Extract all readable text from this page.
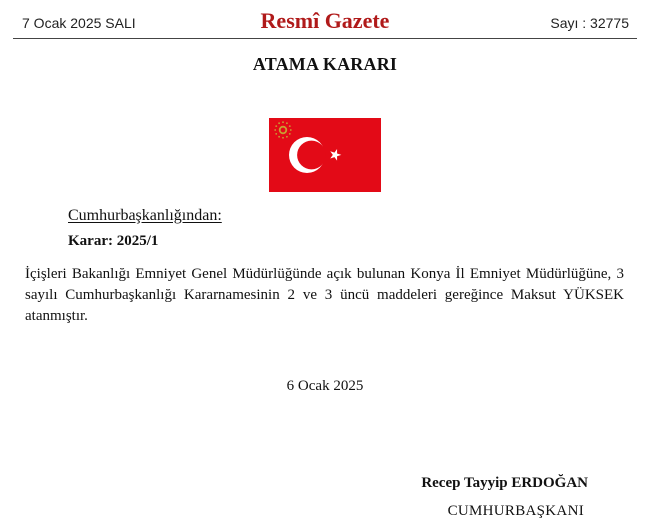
7 Ocak 2025 SALI	Resmî Gazete	Sayı : 32775
ATAMA KARARI
Cumhurbaşkanlığından:
Karar: 2025/1
İçişleri Bakanlığı Emniyet Genel Müdürlüğünde açık bulunan Konya İl Emniyet Müdürlüğüne, 3 sayılı Cumhurbaşkanlığı Kararnamesinin 2 ve 3 üncü maddeleri gereğince Maksut YÜKSEK atanmıştır.
6 Ocak 2025
Recep Tayyip ERDOĞAN
CUMHURBAŞKANI
